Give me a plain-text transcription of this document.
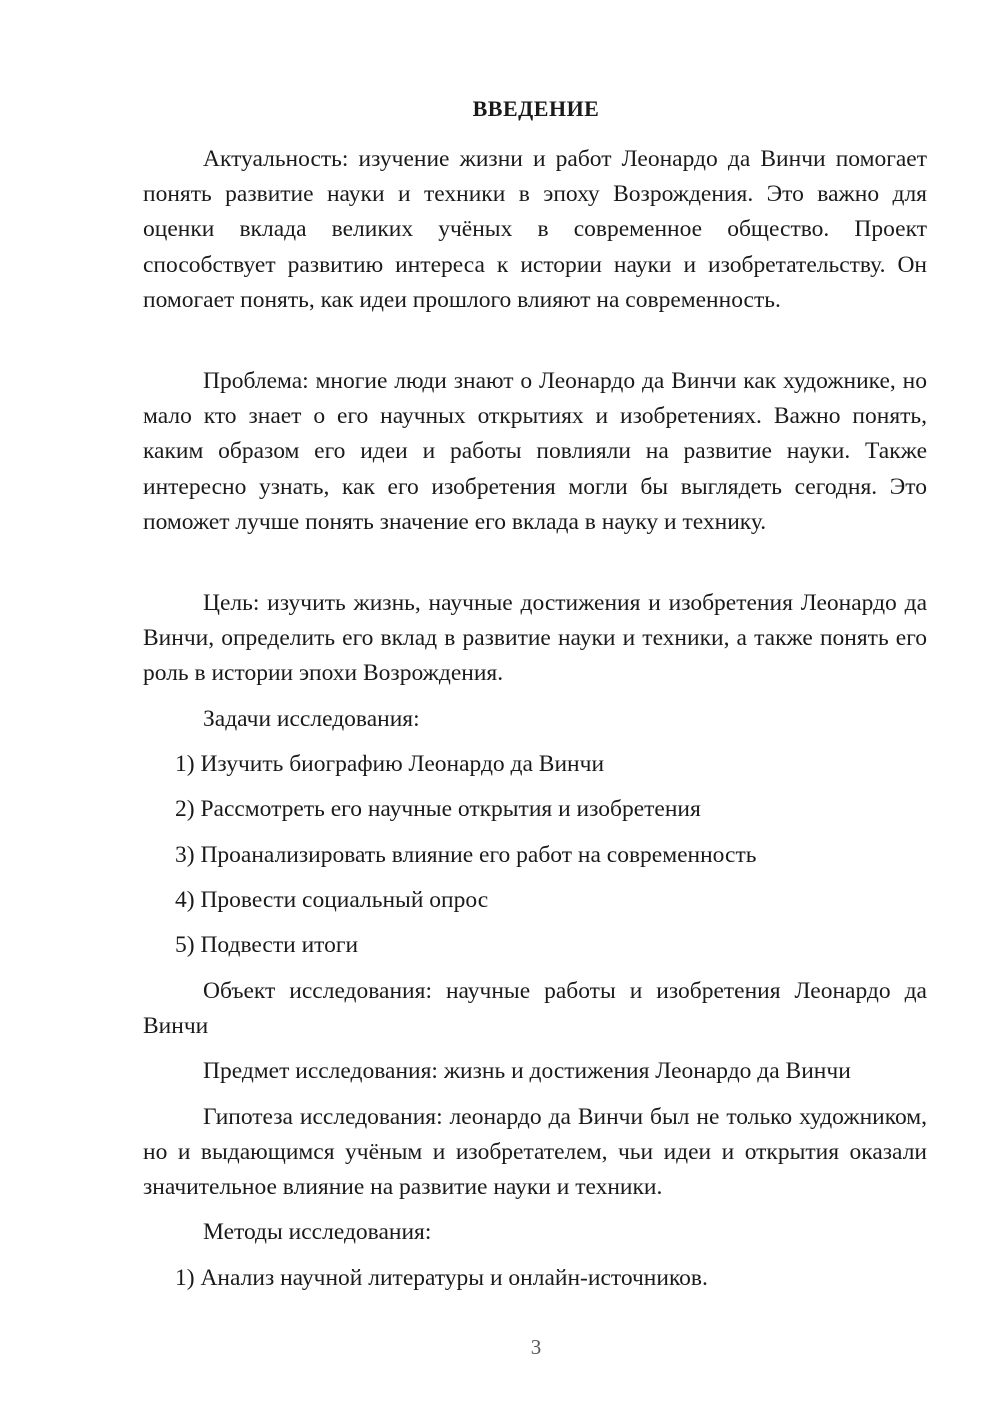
ВВЕДЕНИЕ
Актуальность: изучение жизни и работ Леонардо да Винчи помогает понять развитие науки и техники в эпоху Возрождения. Это важно для оценки вклада великих учёных в современное общество. Проект способствует развитию интереса к истории науки и изобретательству. Он помогает понять, как идеи прошлого влияют на современность.
Проблема: многие люди знают о Леонардо да Винчи как художнике, но мало кто знает о его научных открытиях и изобретениях. Важно понять, каким образом его идеи и работы повлияли на развитие науки. Также интересно узнать, как его изобретения могли бы выглядеть сегодня. Это поможет лучше понять значение его вклада в науку и технику.
Цель: изучить жизнь, научные достижения и изобретения Леонардо да Винчи, определить его вклад в развитие науки и техники, а также понять его роль в истории эпохи Возрождения.
Задачи исследования:
1) Изучить биографию Леонардо да Винчи
2) Рассмотреть его научные открытия и изобретения
3) Проанализировать влияние его работ на современность
4) Провести социальный опрос
5) Подвести итоги
Объект исследования: научные работы и изобретения Леонардо да Винчи
Предмет исследования: жизнь и достижения Леонардо да Винчи
Гипотеза исследования: леонардо да Винчи был не только художником, но и выдающимся учёным и изобретателем, чьи идеи и открытия оказали значительное влияние на развитие науки и техники.
Методы исследования:
1) Анализ научной литературы и онлайн-источников.
3
